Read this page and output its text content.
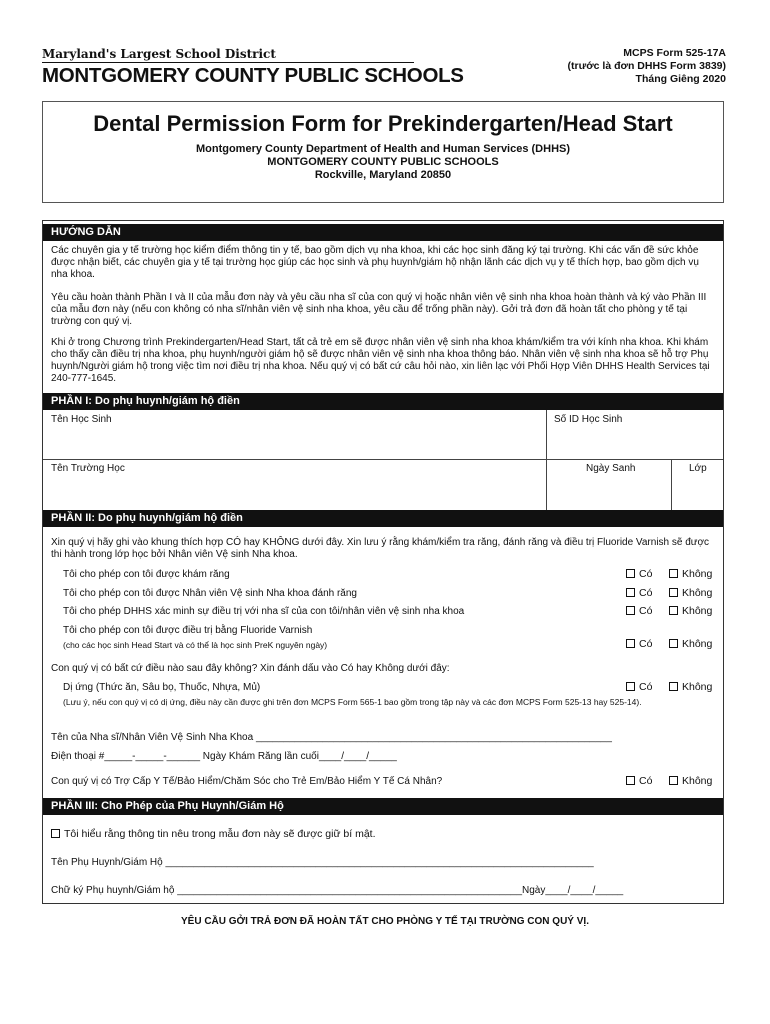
Maryland's Largest School District
MONTGOMERY COUNTY PUBLIC SCHOOLS
MCPS Form 525-17A
(trước là đơn DHHS Form 3839)
Tháng Giêng 2020
Dental Permission Form for Prekindergarten/Head Start
Montgomery County Department of Health and Human Services (DHHS)
MONTGOMERY COUNTY PUBLIC SCHOOLS
Rockville, Maryland 20850
HƯỚNG DẪN
Các chuyên gia y tế trường học kiểm điểm thông tin y tế, bao gồm dịch vụ nha khoa, khi các học sinh đăng ký tại trường. Khi các vấn đề sức khỏe được nhận biết, các chuyên gia y tế tại trường học giúp các học sinh và phụ huynh/giám hộ nhận lãnh các dịch vụ y tế thích hợp, bao gồm dịch vụ nha khoa.
Yêu cầu hoàn thành Phần I và II của mẫu đơn này và yêu cầu nha sĩ của con quý vị hoặc nhân viên vệ sinh nha khoa hoàn thành và ký vào Phần III của mẫu đơn này (nếu con không có nha sĩ/nhân viên vệ sinh nha khoa, yêu cầu để trống phần này). Gởi trả đơn đã hoàn tất cho phòng y tế tại trường con quý vị.
Khi ở trong Chương trình Prekindergarten/Head Start, tất cả trẻ em sẽ được nhân viên vệ sinh nha khoa khám/kiểm tra với kính nha khoa. Khi khám cho thấy cần điều trị nha khoa, phụ huynh/người giám hộ sẽ được nhân viên vệ sinh nha khoa thông báo. Nhân viên vệ sinh nha khoa sẽ hỗ trợ Phụ huynh/Người giám hộ trong việc tìm nơi điều trị nha khoa. Nếu quý vị có bất cứ câu hỏi nào, xin liên lạc với Phối Hợp Viên DHHS Health Services tại 240-777-1645.
PHẦN I: Do phụ huynh/giám hộ điền
Tên Học Sinh	Số ID Học Sinh
Tên Trường Học	Ngày Sanh	Lớp
PHẦN II: Do phụ huynh/giám hộ điền
Xin quý vị hãy ghi vào khung thích hợp CÓ hay KHÔNG dưới đây. Xin lưu ý rằng khám/kiểm tra răng, đánh răng và điều trị Fluoride Varnish sẽ được thi hành trong lớp học bởi Nhân viên Vệ sinh Nha khoa.
Tôi cho phép con tôi được khám răng	Có	Không
Tôi cho phép con tôi được Nhân viên Vệ sinh Nha khoa đánh răng	Có	Không
Tôi cho phép DHHS xác minh sự điều trị với nha sĩ của con tôi/nhân viên vệ sinh nha khoa	Có	Không
Tôi cho phép con tôi được điều trị bằng Fluoride Varnish
(cho các học sinh Head Start và có thể là học sinh PreK nguyên ngày)	Có	Không
Con quý vị có bất cứ điều nào sau đây không? Xin đánh dấu vào Có hay Không dưới đây:
Dị ứng (Thức ăn, Sâu bọ, Thuốc, Nhựa, Mủ)	Có	Không
(Lưu ý, nếu con quý vị có dị ứng, điều này cần được ghi trên đơn MCPS Form 565-1 bao gồm trong tập này và các đơn MCPS Form 525-13 hay 525-14).
Tên của Nha sĩ/Nhân Viên Vệ Sinh Nha Khoa ________________________________________________________________
Điện thoại #_____-_____-______ Ngày Khám Răng lần cuối____/____/_____
Con quý vị có Trợ Cấp Y Tế/Bảo Hiểm/Chăm Sóc cho Trẻ Em/Bảo Hiểm Y Tế Cá Nhân?	Có	Không
PHẦN III: Cho Phép của Phụ Huynh/Giám Hộ
Tôi hiểu rằng thông tin nêu trong mẫu đơn này sẽ được giữ bí mật.
Tên Phụ Huynh/Giám Hộ _____________________________________________________________________________
Chữ ký Phụ huynh/Giám hộ ______________________________________________________________Ngày____/____/_____
YÊU CẦU GỞI TRẢ ĐƠN ĐÃ HOÀN TẤT CHO PHÒNG Y TẾ TẠI TRƯỜNG CON QUÝ VỊ.
